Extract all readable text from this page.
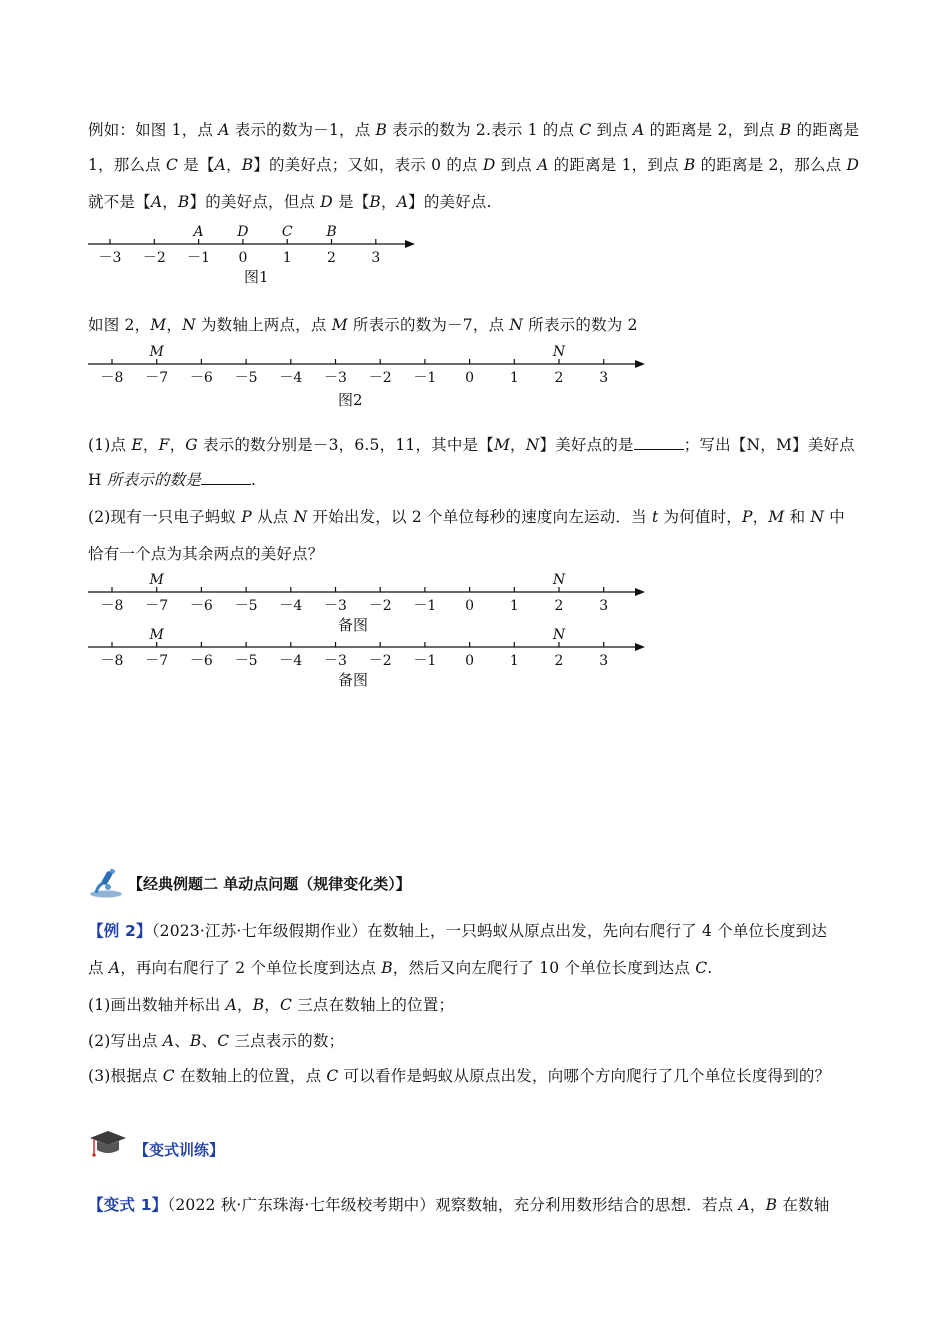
例如：如图 1，点 A 表示的数为－1，点 B 表示的数为 2.表示 1 的点 C 到点 A 的距离是 2，到点 B 的距离是
1，那么点 C 是【A，B】的美好点；又如，表示 0 的点 D 到点 A 的距离是 1，到点 B 的距离是 2，那么点 D
就不是【A，B】的美好点，但点 D 是【B，A】的美好点.
－3 －2 －1 0	1	2	3
A D C B
图1
如图 2，M，N 为数轴上两点，点 M 所表示的数为－7，点 N 所表示的数为 2
－8 －7 －6 －5 －4 －3 －2 －1 0	1	2	3
M	N
图2
(1)点 E，F，G 表示的数分别是－3，6.5，11，其中是【M，N】美好点的是	；写出【N，M】美好点
H 所表示的数是	.
(2)现有一只电子蚂蚁 P 从点 N 开始出发，以 2 个单位每秒的速度向左运动．当 t 为何值时，P，M 和 N 中
恰有一个点为其余两点的美好点？
－8 －7 －6 －5 －4 －3 －2 －1 0	1	2	3
M	N
备图
－8 －7 －6 －5 －4 －3 －2 －1 0	1	2	3
M	N
备图
【经典例题二 单动点问题（规律变化类）】
【例 2】（2023·江苏·七年级假期作业）在数轴上，一只蚂蚁从原点出发，先向右爬行了 4 个单位长度到达
点 A，再向右爬行了 2 个单位长度到达点 B，然后又向左爬行了 10 个单位长度到达点 C.
(1)画出数轴并标出 A，B，C 三点在数轴上的位置；
(2)写出点 A、B、C 三点表示的数；
(3)根据点 C 在数轴上的位置，点 C 可以看作是蚂蚁从原点出发，向哪个方向爬行了几个单位长度得到的？
【变式训练】
【变式 1】（2022 秋·广东珠海·七年级校考期中）观察数轴，充分利用数形结合的思想．若点 A，B 在数轴
